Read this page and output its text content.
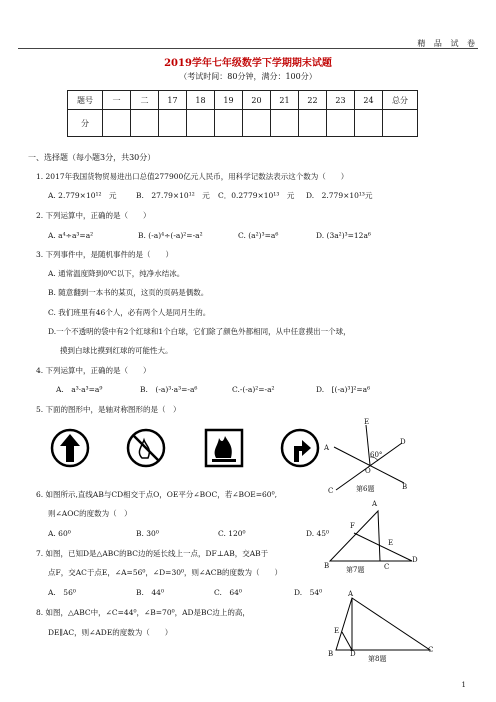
精 品 试 卷
2019学年七年级数学下学期期末试题
（考试时间：80分钟，满分：100分）
题号	一	二	17	18	19	20	21	22	23	24	总分
分											
一、选择题（每小题3分，共30分）
1. 2017年我国货物贸易进出口总值277900亿元人民币，用科学记数法表示这个数为（　　）
A. 2.779×10¹²　元	B.　27.79×10¹²　元 C．0.2779×10¹³　元 D.　2.779×10¹³元
2. 下列运算中，正确的是（　　）
A. a⁴÷a³=a²	B. (-a)⁴÷(-a)²=-a²	C. (a²)³=a⁶	D. (3a²)³=12a⁶
3. 下列事件中，是随机事件的是（　　）
A. 通常温度降到0⁰C以下，纯净水结冰。
B. 随意翻到一本书的某页，这页的页码是偶数。
C. 我们班里有46个人，必有两个人是同月生的。
D.一个不透明的袋中有2个红球和1个白球，它们除了颜色外都相同，从中任意摸出一个球，
摸到白球比摸到红球的可能性大。
4. 下列运算中，正确的是（　　）
A.　a³·a³=a⁹	B.　(-a)³·a³=-a⁶	C.-(-a)²=-a²	D.　[(-a)³]²=a⁶
5. 下面的图形中，是轴对称图形的是（　）
E
D
A
60°
O
C	B
第6题
6. 如图所示,直线AB与CD相交于点O，OE平分∠BOC，若∠BOE=60⁰,
则∠AOC的度数为（　）
A. 60⁰	B. 30⁰	C. 120⁰	D. 45⁰
A
F
E
B	C
D
第7题
7. 如图，已知D是△ABC的BC边的延长线上一点，DF⊥AB，交AB于
点F，交AC于点E，∠A=56⁰，∠D=30⁰，则∠ACB的度数为（　　）
A.　56⁰	B.　44⁰	C.　64⁰	D.　54⁰
8. 如图，△ABC中，∠C=44⁰，∠B=70⁰，AD是BC边上的高，
DE∥AC，则∠ADE的度数为（　　）
A
E
B D	C
第8题
1
